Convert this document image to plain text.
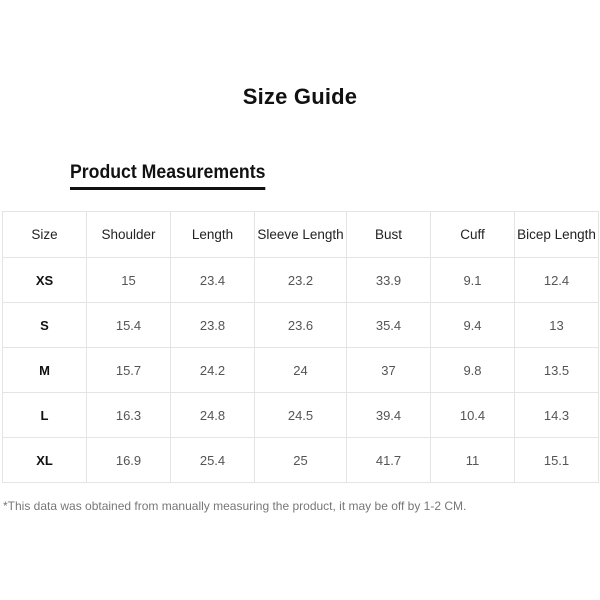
Size Guide
Product Measurements
Size	Shoulder	Length	Sleeve Length	Bust	Cuff	Bicep Length
XS	15	23.4	23.2	33.9	9.1	12.4
S	15.4	23.8	23.6	35.4	9.4	13
M	15.7	24.2	24	37	9.8	13.5
L	16.3	24.8	24.5	39.4	10.4	14.3
XL	16.9	25.4	25	41.7	11	15.1
*This data was obtained from manually measuring the product, it may be off by 1-2 CM.
